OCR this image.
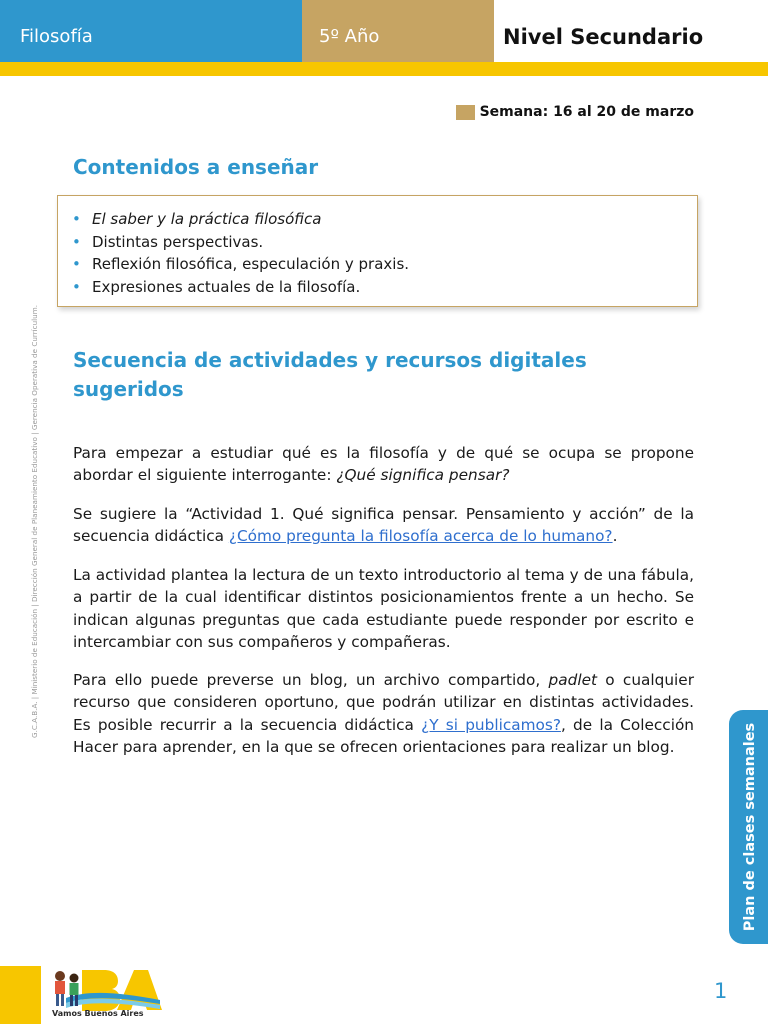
Filosofía	5º Año	Nivel Secundario
Semana: 16 al 20 de marzo
Contenidos a enseñar
• El saber y la práctica filosófica
• Distintas perspectivas.
• Reflexión filosófica, especulación y praxis.
• Expresiones actuales de la filosofía.
Secuencia de actividades y recursos digitales sugeridos

Para empezar a estudiar qué es la filosofía y de qué se ocupa se propone abordar el siguiente interrogante: ¿Qué significa pensar?

Se sugiere la “Actividad 1. Qué significa pensar. Pensamiento y acción” de la secuencia didáctica ¿Cómo pregunta la filosofía acerca de lo humano?.

La actividad plantea la lectura de un texto introductorio al tema y de una fábula, a partir de la cual identificar distintos posicionamientos frente a un hecho. Se indican algunas preguntas que cada estudiante puede responder por escrito e intercambiar con sus compañeros y compañeras.

Para ello puede preverse un blog, un archivo compartido, padlet o cualquier recurso que consideren oportuno, que podrán utilizar en distintas actividades. Es posible recurrir a la secuencia didáctica ¿Y si publicamos?, de la Colección Hacer para aprender, en la que se ofrecen orientaciones para realizar un blog.

G.C.A.B.A. | Ministerio de Educación | Dirección General de Planeamiento Educativo | Gerencia Operativa de Currículum.
Plan de clases semanales
Vamos Buenos Aires
1
